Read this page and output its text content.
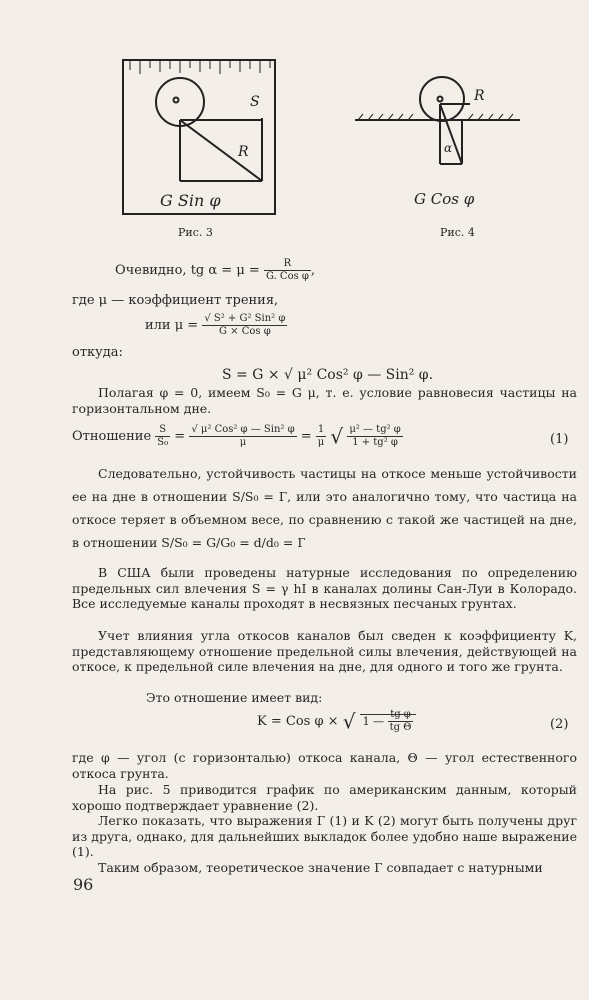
S
R
G Sin φ
R
α
G Cos φ
Рис. 3	Рис. 4
Очевидно, tg $\alpha = \mu = \frac{R}{\text{G. Cos φ}}$ ,
где μ — коэффициент трения,
или $\mu = \frac{\text{√ S² + G² Sin² φ}}{\text{G × Cos φ}}$
откуда:
S = G × √ μ² Cos² φ — Sin² φ.
Полагая φ = 0, имеем S₀ = G μ, т. е. условие равновесия частицы на горизонтальном дне.
Отношение $\frac{S}{\text{S₀}} = \frac{\text{√ μ² Cos² φ — Sin² φ}}{\mu} = \frac{1}{\mu}$ √ $\frac{\text{μ² — tg² φ}}{\text{1 + tg² φ}}$	(1)
Следовательно, устойчивость частицы на откосе меньше устойчивости ее на дне в отношении S/S₀ = Г, или это аналогично тому, что частица на откосе теряет в объемном весе, по сравнению с такой же частицей на дне, в отношении S/S₀ = G/G₀ = d/d₀ = Г
В США были проведены натурные исследования по определению предельных сил влечения S = γ hI в каналах долины Сан-Луи в Колорадо. Все исследуемые каналы проходят в несвязных песчаных грунтах.
Учет влияния угла откосов каналов был сведен к коэффициенту K, представляющему отношение предельной силы влечения, действующей на откосе, к предельной силе влечения на дне, для одного и того же грунта.
Это отношение имеет вид:
K = Cos φ × √ 1 — $\frac{\text{tg φ}}{\text{tg Θ}}$	(2)
где φ — угол (с горизонталью) откоса канала, Θ — угол естественного откоса грунта.
На рис. 5 приводится график по американским данным, который хорошо подтверждает уравнение (2).
Легко показать, что выражения Г (1) и K (2) могут быть получены друг из друга, однако, для дальнейших выкладок более удобно наше выражение (1).
Таким образом, теоретическое значение Г совпадает с натурными
96
